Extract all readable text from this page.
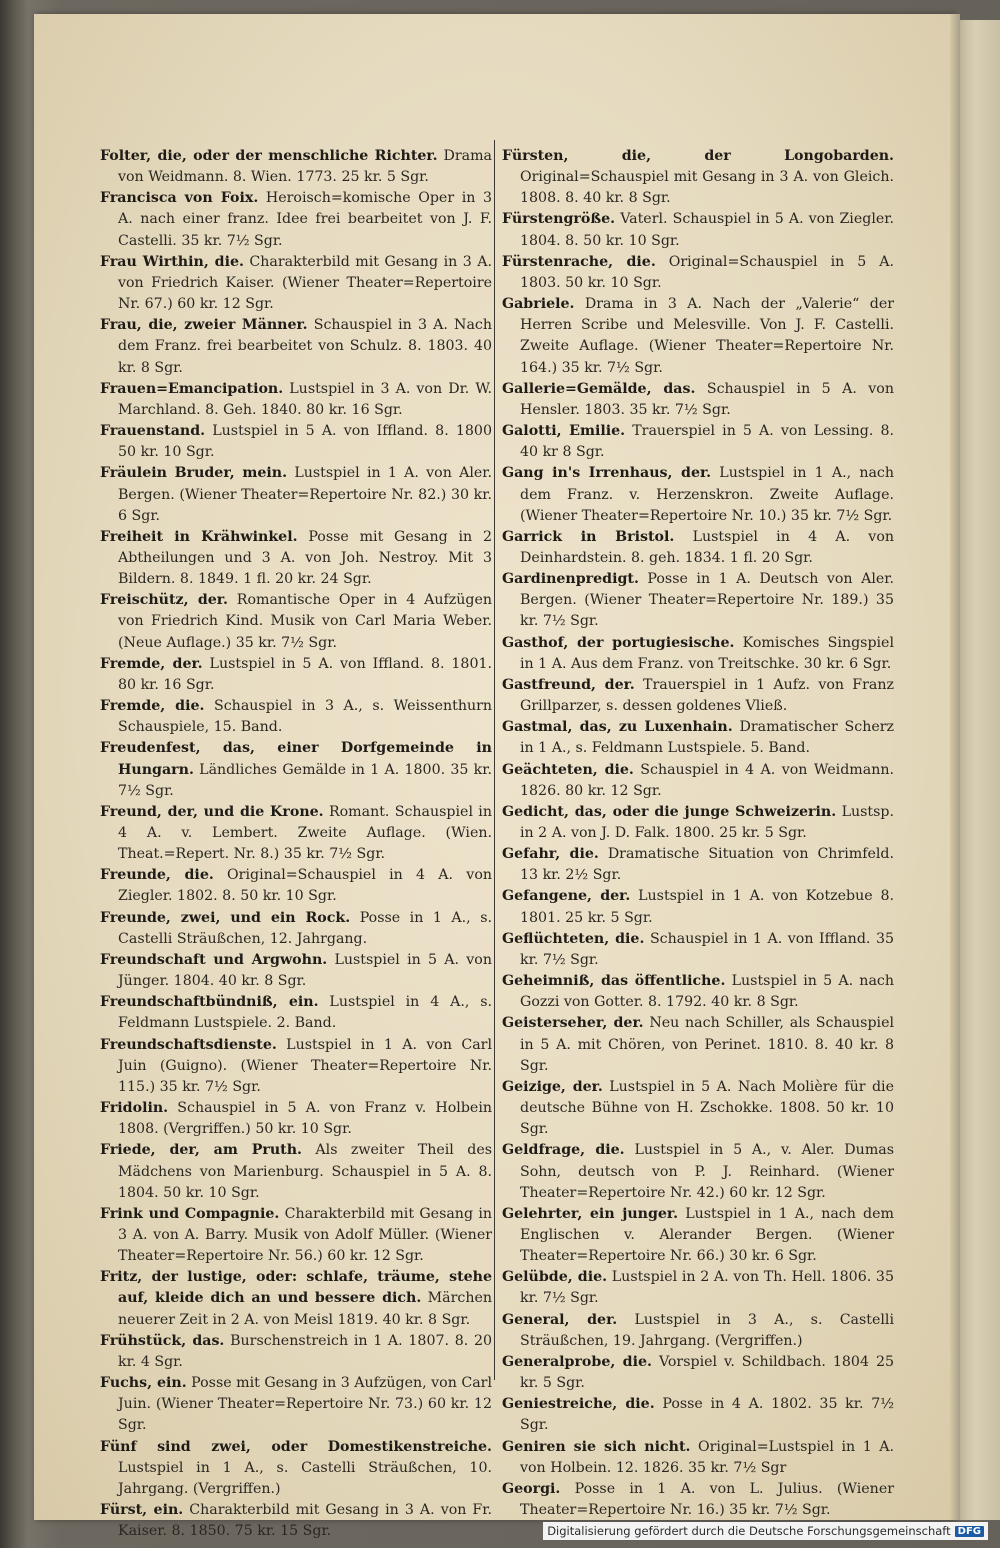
Folter, die, oder der menschliche Richter. Drama von Weidmann. 8. Wien. 1773. 25 kr. 5 Sgr.
Francisca von Foix. Heroisch=komische Oper in 3 A. nach einer franz. Idee frei bearbeitet von J. F. Castelli. 35 kr. 7½ Sgr.
Frau Wirthin, die. Charakterbild mit Gesang in 3 A. von Friedrich Kaiser. (Wiener Theater=Repertoire Nr. 67.) 60 kr. 12 Sgr.
Frau, die, zweier Männer. Schauspiel in 3 A. Nach dem Franz. frei bearbeitet von Schulz. 8. 1803. 40 kr. 8 Sgr.
Frauen=Emancipation. Lustspiel in 3 A. von Dr. W. Marchland. 8. Geh. 1840. 80 kr. 16 Sgr.
Frauenstand. Lustspiel in 5 A. von Iffland. 8. 1800 50 kr. 10 Sgr.
Fräulein Bruder, mein. Lustspiel in 1 A. von Aler. Bergen. (Wiener Theater=Repertoire Nr. 82.) 30 kr. 6 Sgr.
Freiheit in Krähwinkel. Posse mit Gesang in 2 Abtheilungen und 3 A. von Joh. Nestroy. Mit 3 Bildern. 8. 1849. 1 fl. 20 kr. 24 Sgr.
Freischütz, der. Romantische Oper in 4 Aufzügen von Friedrich Kind. Musik von Carl Maria Weber. (Neue Auflage.) 35 kr. 7½ Sgr.
Fremde, der. Lustspiel in 5 A. von Iffland. 8. 1801. 80 kr. 16 Sgr.
Fremde, die. Schauspiel in 3 A., s. Weissenthurn Schauspiele, 15. Band.
Freudenfest, das, einer Dorfgemeinde in Hungarn. Ländliches Gemälde in 1 A. 1800. 35 kr. 7½ Sgr.
Freund, der, und die Krone. Romant. Schauspiel in 4 A. v. Lembert. Zweite Auflage. (Wien. Theat.=Repert. Nr. 8.) 35 kr. 7½ Sgr.
Freunde, die. Original=Schauspiel in 4 A. von Ziegler. 1802. 8. 50 kr. 10 Sgr.
Freunde, zwei, und ein Rock. Posse in 1 A., s. Castelli Sträußchen, 12. Jahrgang.
Freundschaft und Argwohn. Lustspiel in 5 A. von Jünger. 1804. 40 kr. 8 Sgr.
Freundschaftbündniß, ein. Lustspiel in 4 A., s. Feldmann Lustspiele. 2. Band.
Freundschaftsdienste. Lustspiel in 1 A. von Carl Juin (Guigno). (Wiener Theater=Repertoire Nr. 115.) 35 kr. 7½ Sgr.
Fridolin. Schauspiel in 5 A. von Franz v. Holbein 1808. (Vergriffen.) 50 kr. 10 Sgr.
Friede, der, am Pruth. Als zweiter Theil des Mädchens von Marienburg. Schauspiel in 5 A. 8. 1804. 50 kr. 10 Sgr.
Frink und Compagnie. Charakterbild mit Gesang in 3 A. von A. Barry. Musik von Adolf Müller. (Wiener Theater=Repertoire Nr. 56.) 60 kr. 12 Sgr.
Fritz, der lustige, oder: schlafe, träume, stehe auf, kleide dich an und bessere dich. Märchen neuerer Zeit in 2 A. von Meisl 1819. 40 kr. 8 Sgr.
Frühstück, das. Burschenstreich in 1 A. 1807. 8. 20 kr. 4 Sgr.
Fuchs, ein. Posse mit Gesang in 3 Aufzügen, von Carl Juin. (Wiener Theater=Repertoire Nr. 73.) 60 kr. 12 Sgr.
Fünf sind zwei, oder Domestikenstreiche. Lustspiel in 1 A., s. Castelli Sträußchen, 10. Jahrgang. (Vergriffen.)
Fürst, ein. Charakterbild mit Gesang in 3 A. von Fr. Kaiser. 8. 1850. 75 kr. 15 Sgr.
Fürsten, die, der Longobarden. Original=Schauspiel mit Gesang in 3 A. von Gleich. 1808. 8. 40 kr. 8 Sgr.
Fürstengröße. Vaterl. Schauspiel in 5 A. von Ziegler. 1804. 8. 50 kr. 10 Sgr.
Fürstenrache, die. Original=Schauspiel in 5 A. 1803. 50 kr. 10 Sgr.
Gabriele. Drama in 3 A. Nach der „Valerie“ der Herren Scribe und Melesville. Von J. F. Castelli. Zweite Auflage. (Wiener Theater=Repertoire Nr. 164.) 35 kr. 7½ Sgr.
Gallerie=Gemälde, das. Schauspiel in 5 A. von Hensler. 1803. 35 kr. 7½ Sgr.
Galotti, Emilie. Trauerspiel in 5 A. von Lessing. 8. 40 kr 8 Sgr.
Gang in's Irrenhaus, der. Lustspiel in 1 A., nach dem Franz. v. Herzenskron. Zweite Auflage. (Wiener Theater=Repertoire Nr. 10.) 35 kr. 7½ Sgr.
Garrick in Bristol. Lustspiel in 4 A. von Deinhardstein. 8. geh. 1834. 1 fl. 20 Sgr.
Gardinenpredigt. Posse in 1 A. Deutsch von Aler. Bergen. (Wiener Theater=Repertoire Nr. 189.) 35 kr. 7½ Sgr.
Gasthof, der portugiesische. Komisches Singspiel in 1 A. Aus dem Franz. von Treitschke. 30 kr. 6 Sgr.
Gastfreund, der. Trauerspiel in 1 Aufz. von Franz Grillparzer, s. dessen goldenes Vließ.
Gastmal, das, zu Luxenhain. Dramatischer Scherz in 1 A., s. Feldmann Lustspiele. 5. Band.
Geächteten, die. Schauspiel in 4 A. von Weidmann. 1826. 80 kr. 12 Sgr.
Gedicht, das, oder die junge Schweizerin. Lustsp. in 2 A. von J. D. Falk. 1800. 25 kr. 5 Sgr.
Gefahr, die. Dramatische Situation von Chrimfeld. 13 kr. 2½ Sgr.
Gefangene, der. Lustspiel in 1 A. von Kotzebue 8. 1801. 25 kr. 5 Sgr.
Geflüchteten, die. Schauspiel in 1 A. von Iffland. 35 kr. 7½ Sgr.
Geheimniß, das öffentliche. Lustspiel in 5 A. nach Gozzi von Gotter. 8. 1792. 40 kr. 8 Sgr.
Geisterseher, der. Neu nach Schiller, als Schauspiel in 5 A. mit Chören, von Perinet. 1810. 8. 40 kr. 8 Sgr.
Geizige, der. Lustspiel in 5 A. Nach Molière für die deutsche Bühne von H. Zschokke. 1808. 50 kr. 10 Sgr.
Geldfrage, die. Lustspiel in 5 A., v. Aler. Dumas Sohn, deutsch von P. J. Reinhard. (Wiener Theater=Repertoire Nr. 42.) 60 kr. 12 Sgr.
Gelehrter, ein junger. Lustspiel in 1 A., nach dem Englischen v. Alerander Bergen. (Wiener Theater=Repertoire Nr. 66.) 30 kr. 6 Sgr.
Gelübde, die. Lustspiel in 2 A. von Th. Hell. 1806. 35 kr. 7½ Sgr.
General, der. Lustspiel in 3 A., s. Castelli Sträußchen, 19. Jahrgang. (Vergriffen.)
Generalprobe, die. Vorspiel v. Schildbach. 1804 25 kr. 5 Sgr.
Geniestreiche, die. Posse in 4 A. 1802. 35 kr. 7½ Sgr.
Geniren sie sich nicht. Original=Lustspiel in 1 A. von Holbein. 12. 1826. 35 kr. 7½ Sgr
Georgi. Posse in 1 A. von L. Julius. (Wiener Theater=Repertoire Nr. 16.) 35 kr. 7½ Sgr.
Digitalisierung gefördert durch die Deutsche Forschungsgemeinschaft DFG
